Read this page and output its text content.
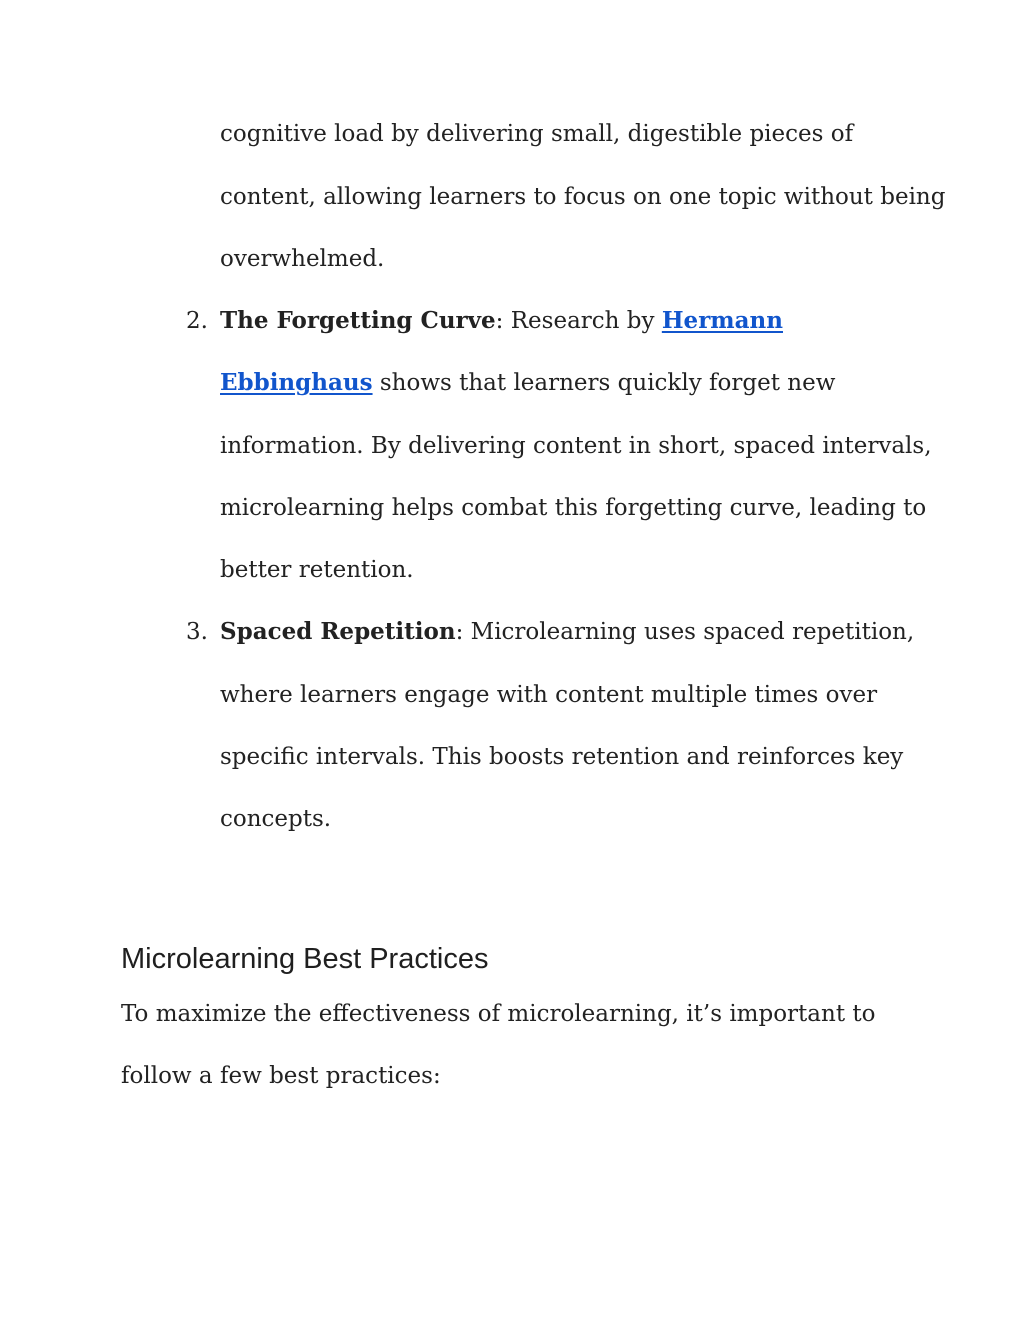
cognitive load by delivering small, digestible pieces of

content, allowing learners to focus on one topic without being

overwhelmed.

2. The Forgetting Curve: Research by Hermann

Ebbinghaus shows that learners quickly forget new

information. By delivering content in short, spaced intervals,

microlearning helps combat this forgetting curve, leading to

better retention.

3. Spaced Repetition: Microlearning uses spaced repetition,

where learners engage with content multiple times over

specific intervals. This boosts retention and reinforces key

concepts.

Microlearning Best Practices

To maximize the effectiveness of microlearning, it’s important to

follow a few best practices:
